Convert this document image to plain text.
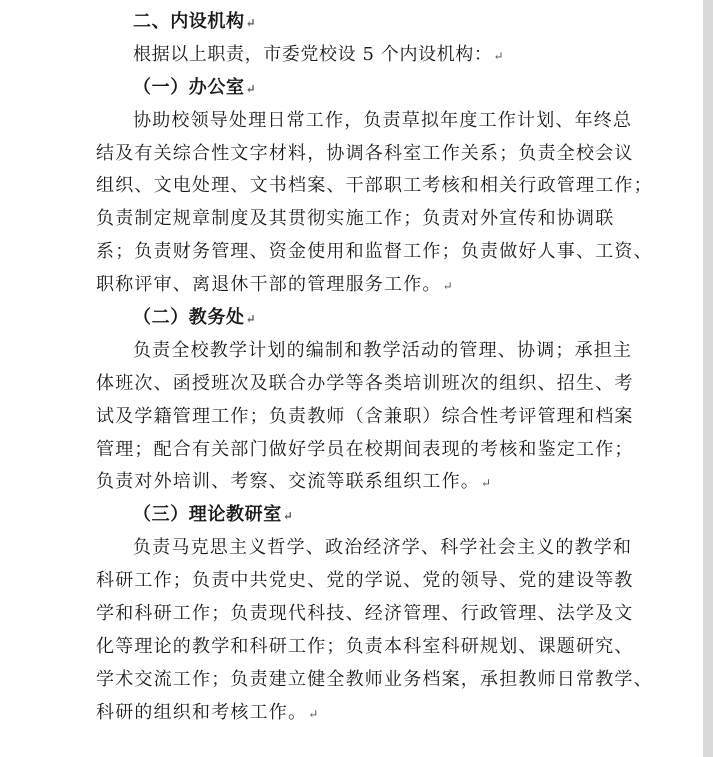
二、内设机构↵
根据以上职责，市委党校设 5 个内设机构：↵
（一）办公室↵
协助校领导处理日常工作，负责草拟年度工作计划、年终总
结及有关综合性文字材料，协调各科室工作关系；负责全校会议
组织、文电处理、文书档案、干部职工考核和相关行政管理工作；
负责制定规章制度及其贯彻实施工作；负责对外宣传和协调联
系；负责财务管理、资金使用和监督工作；负责做好人事、工资、
职称评审、离退休干部的管理服务工作。↵
（二）教务处↵
负责全校教学计划的编制和教学活动的管理、协调；承担主
体班次、函授班次及联合办学等各类培训班次的组织、招生、考
试及学籍管理工作；负责教师（含兼职）综合性考评管理和档案
管理；配合有关部门做好学员在校期间表现的考核和鉴定工作；
负责对外培训、考察、交流等联系组织工作。↵
（三）理论教研室↵
负责马克思主义哲学、政治经济学、科学社会主义的教学和
科研工作；负责中共党史、党的学说、党的领导、党的建设等教
学和科研工作；负责现代科技、经济管理、行政管理、法学及文
化等理论的教学和科研工作；负责本科室科研规划、课题研究、
学术交流工作；负责建立健全教师业务档案，承担教师日常教学、
科研的组织和考核工作。↵
